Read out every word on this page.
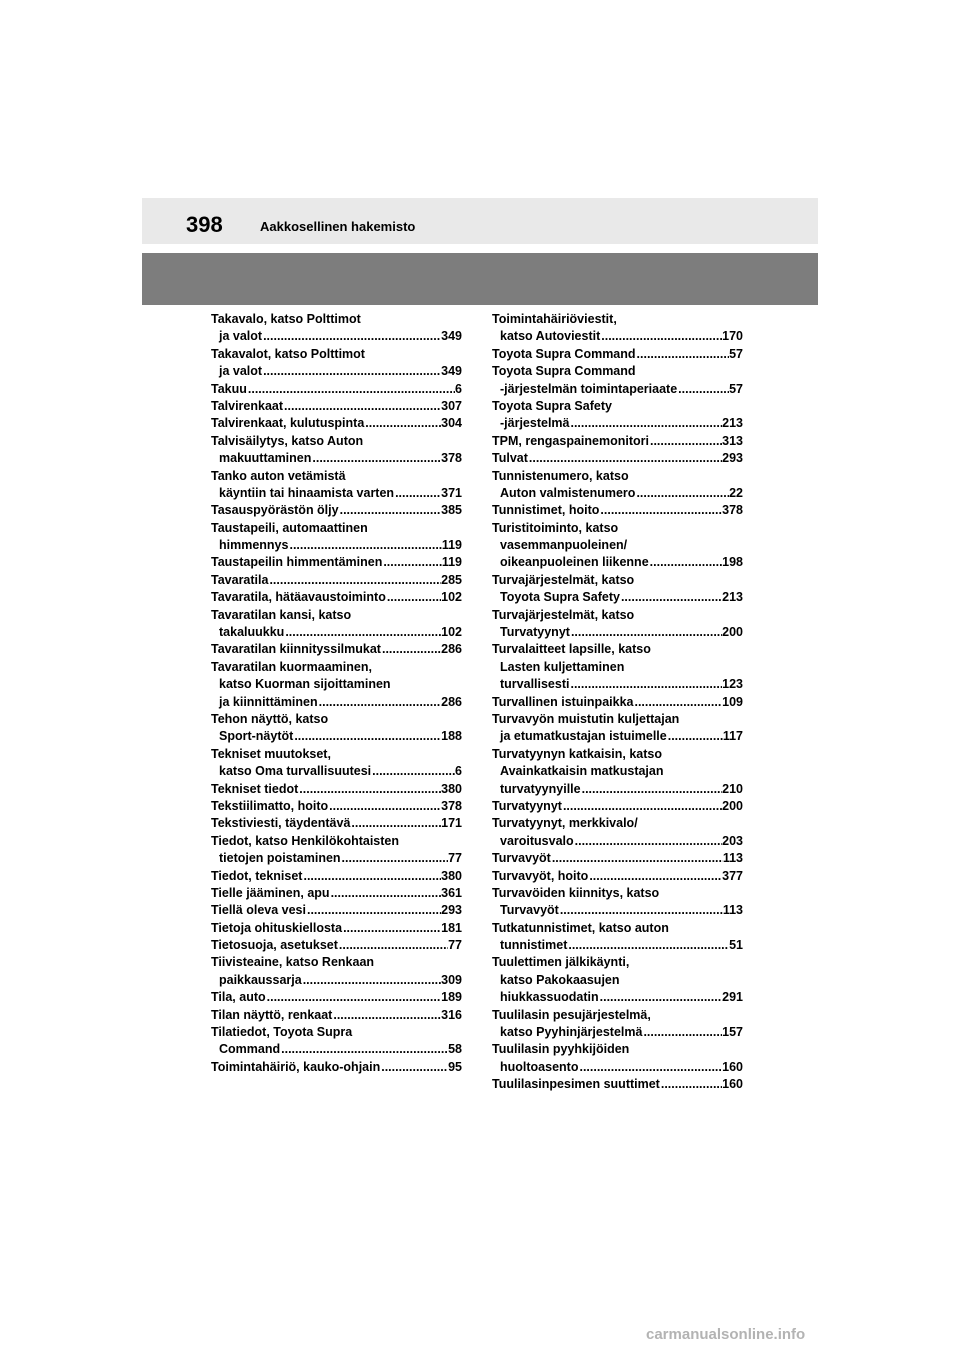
398	Aakkosellinen hakemisto
Takavalo, katso Polttimot
ja valot .....	349
Takavalot, katso Polttimot
ja valot .....	349
Takuu .....	6
Talvirenkaat .....	307
Talvirenkaat, kulutuspinta .....	304
Talvisäilytys, katso Auton
makuuttaminen .....	378
Tanko auton vetämistä
käyntiin tai hinaamista varten .....	371
Tasauspyörästön öljy .....	385
Taustapeili, automaattinen
himmennys .....	119
Taustapeilin himmentäminen .....	119
Tavaratila .....	285
Tavaratila, hätäavaustoiminto .....	102
Tavaratilan kansi, katso
takaluukku .....	102
Tavaratilan kiinnityssilmukat .....	286
Tavaratilan kuormaaminen,
katso Kuorman sijoittaminen
ja kiinnittäminen .....	286
Tehon näyttö, katso
Sport-näytöt .....	188
Tekniset muutokset,
katso Oma turvallisuutesi .....	6
Tekniset tiedot .....	380
Tekstiilimatto, hoito .....	378
Tekstiviesti, täydentävä .....	171
Tiedot, katso Henkilökohtaisten
tietojen poistaminen .....	77
Tiedot, tekniset .....	380
Tielle jääminen, apu .....	361
Tiellä oleva vesi .....	293
Tietoja ohituskiellosta .....	181
Tietosuoja, asetukset .....	77
Tiivisteaine, katso Renkaan
paikkaussarja .....	309
Tila, auto .....	189
Tilan näyttö, renkaat .....	316
Tilatiedot, Toyota Supra
Command .....	58
Toimintahäiriö, kauko-ohjain .....	95
Toimintahäiriöviestit,
katso Autoviestit .....	170
Toyota Supra Command .....	57
Toyota Supra Command
-järjestelmän toimintaperiaate .....	57
Toyota Supra Safety
-järjestelmä .....	213
TPM, rengaspainemonitori .....	313
Tulvat .....	293
Tunnistenumero, katso
Auton valmistenumero .....	22
Tunnistimet, hoito .....	378
Turistitoiminto, katso
vasemmanpuoleinen/
oikeanpuoleinen liikenne .....	198
Turvajärjestelmät, katso
Toyota Supra Safety .....	213
Turvajärjestelmät, katso
Turvatyynyt .....	200
Turvalaitteet lapsille, katso
Lasten kuljettaminen
turvallisesti .....	123
Turvallinen istuinpaikka .....	109
Turvavyön muistutin kuljettajan
ja etumatkustajan istuimelle .....	117
Turvatyynyn katkaisin, katso
Avainkatkaisin matkustajan
turvatyynyille .....	210
Turvatyynyt .....	200
Turvatyynyt, merkkivalo/
varoitusvalo .....	203
Turvavyöt .....	113
Turvavyöt, hoito .....	377
Turvavöiden kiinnitys, katso
Turvavyöt .....	113
Tutkatunnistimet, katso auton
tunnistimet .....	51
Tuulettimen jälkikäynti,
katso Pakokaasujen
hiukkassuodatin .....	291
Tuulilasin pesujärjestelmä,
katso Pyyhinjärjestelmä .....	157
Tuulilasin pyyhkijöiden
huoltoasento .....	160
Tuulilasinpesimen suuttimet .....	160
carmanualsonline.info
